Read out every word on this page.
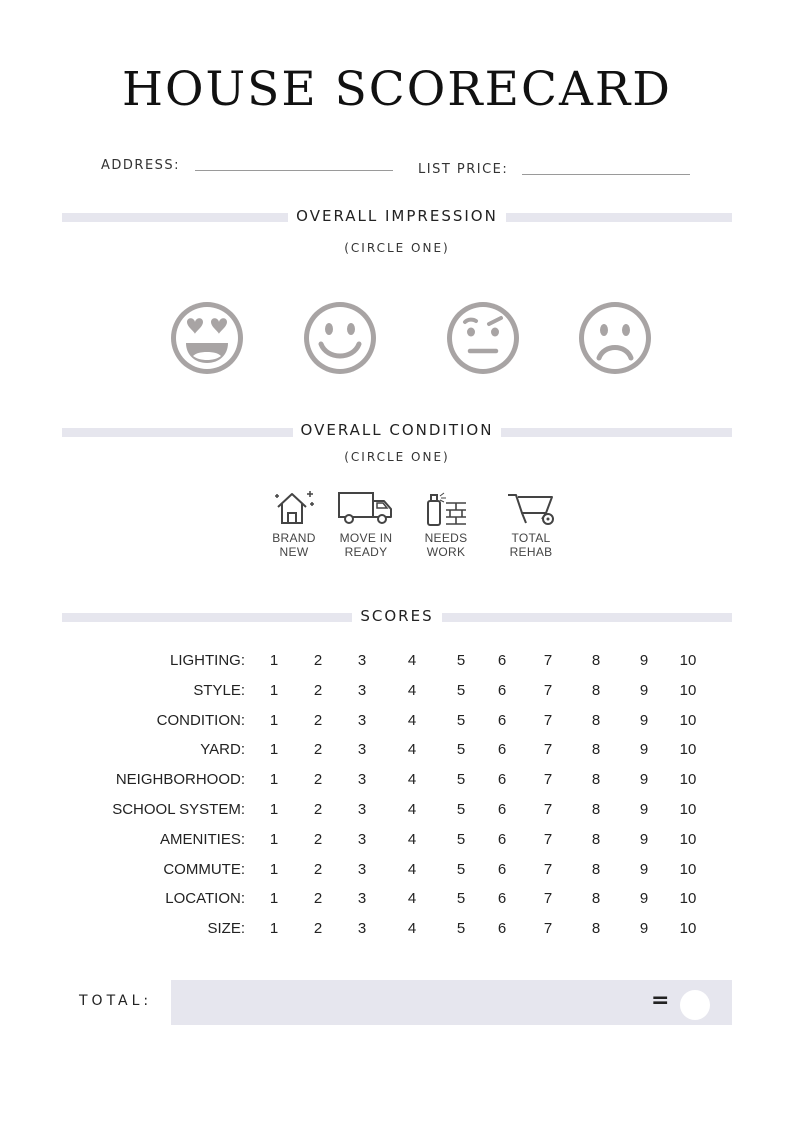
HOUSE SCORECARD
ADDRESS:	LIST PRICE:
OVERALL IMPRESSION
(CIRCLE ONE)
OVERALL CONDITION
(CIRCLE ONE)
BRAND
NEW
MOVE IN
READY
NEEDS
WORK
TOTAL
REHAB
SCORES
LIGHTING:	1	2	3	4	5	6	7	8	9	10
STYLE:	1	2	3	4	5	6	7	8	9	10
CONDITION:	1	2	3	4	5	6	7	8	9	10
YARD:	1	2	3	4	5	6	7	8	9	10
NEIGHBORHOOD:	1	2	3	4	5	6	7	8	9	10
SCHOOL SYSTEM:	1	2	3	4	5	6	7	8	9	10
AMENITIES:	1	2	3	4	5	6	7	8	9	10
COMMUTE:	1	2	3	4	5	6	7	8	9	10
LOCATION:	1	2	3	4	5	6	7	8	9	10
SIZE:	1	2	3	4	5	6	7	8	9	10
TOTAL:	=
